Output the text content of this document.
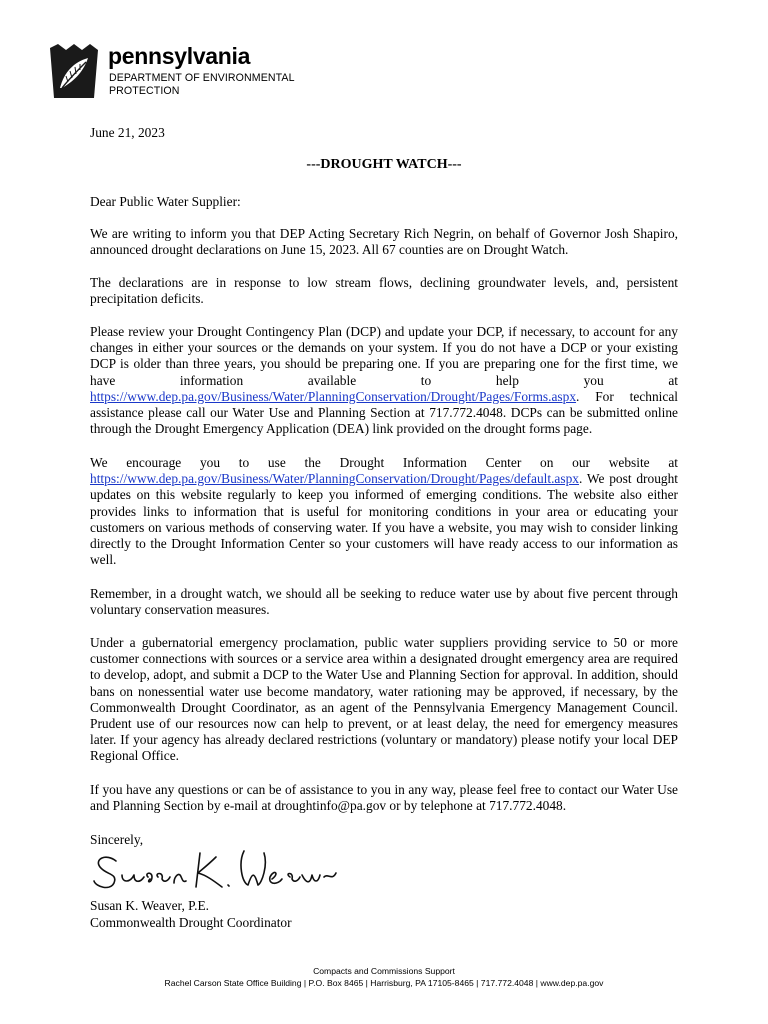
pennsylvania
DEPARTMENT OF ENVIRONMENTAL
PROTECTION
June 21, 2023
---DROUGHT WATCH---
Dear Public Water Supplier:

We are writing to inform you that DEP Acting Secretary Rich Negrin, on behalf of Governor Josh Shapiro, announced drought declarations on June 15, 2023. All 67 counties are on Drought Watch.

The declarations are in response to low stream flows, declining groundwater levels, and, persistent precipitation deficits.

Please review your Drought Contingency Plan (DCP) and update your DCP, if necessary, to account for any changes in either your sources or the demands on your system. If you do not have a DCP or your existing DCP is older than three years, you should be preparing one. If you are preparing one for the first time, we have information available to help you at https://www.dep.pa.gov/Business/Water/PlanningConservation/Drought/Pages/Forms.aspx. For technical assistance please call our Water Use and Planning Section at 717.772.4048. DCPs can be submitted online through the Drought Emergency Application (DEA) link provided on the drought forms page.

We encourage you to use the Drought Information Center on our website at https://www.dep.pa.gov/Business/Water/PlanningConservation/Drought/Pages/default.aspx. We post drought updates on this website regularly to keep you informed of emerging conditions. The website also either provides links to information that is useful for monitoring conditions in your area or educating your customers on various methods of conserving water. If you have a website, you may wish to consider linking directly to the Drought Information Center so your customers will have ready access to our information as well.

Remember, in a drought watch, we should all be seeking to reduce water use by about five percent through voluntary conservation measures.

Under a gubernatorial emergency proclamation, public water suppliers providing service to 50 or more customer connections with sources or a service area within a designated drought emergency area are required to develop, adopt, and submit a DCP to the Water Use and Planning Section for approval. In addition, should bans on nonessential water use become mandatory, water rationing may be approved, if necessary, by the Commonwealth Drought Coordinator, as an agent of the Pennsylvania Emergency Management Council. Prudent use of our resources now can help to prevent, or at least delay, the need for emergency measures later. If your agency has already declared restrictions (voluntary or mandatory) please notify your local DEP Regional Office.

If you have any questions or can be of assistance to you in any way, please feel free to contact our Water Use and Planning Section by e-mail at droughtinfo@pa.gov or by telephone at 717.772.4048.

Sincerely,
Susan K. Weaver, P.E.
Commonwealth Drought Coordinator
Compacts and Commissions Support
Rachel Carson State Office Building | P.O. Box 8465 | Harrisburg, PA 17105-8465 | 717.772.4048 | www.dep.pa.gov
